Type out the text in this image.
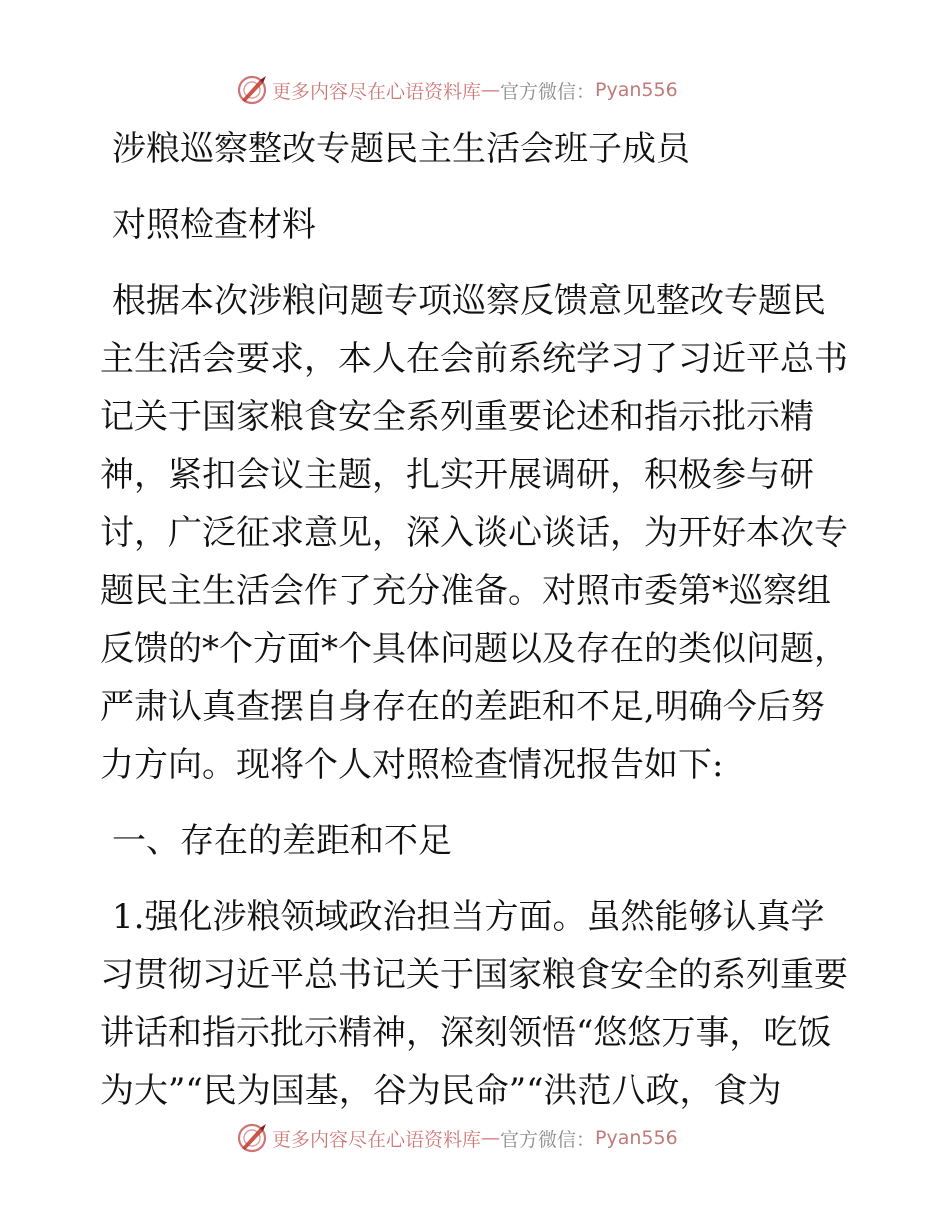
更多内容尽在心语资料库 — 官方微信： Pyan556

涉粮巡察整改专题民主生活会班子成员

对照检查材料

根据本次涉粮问题专项巡察反馈意见整改专题民主生活会要求，本人在会前系统学习了习近平总书记关于国家粮食安全系列重要论述和指示批示精神，紧扣会议主题，扎实开展调研，积极参与研讨，广泛征求意见，深入谈心谈话，为开好本次专题民主生活会作了充分准备。对照市委第*巡察组反馈的*个方面*个具体问题以及存在的类似问题，严肃认真查摆自身存在的差距和不足,明确今后努力方向。现将个人对照检查情况报告如下:

一、存在的差距和不足

1.强化涉粮领域政治担当方面。虽然能够认真学习贯彻习近平总书记关于国家粮食安全的系列重要讲话和指示批示精神，深刻领悟“悠悠万事，吃饭为大”“民为国基，谷为民命”“洪范八政，食为

更多内容尽在心语资料库 — 官方微信： Pyan556
